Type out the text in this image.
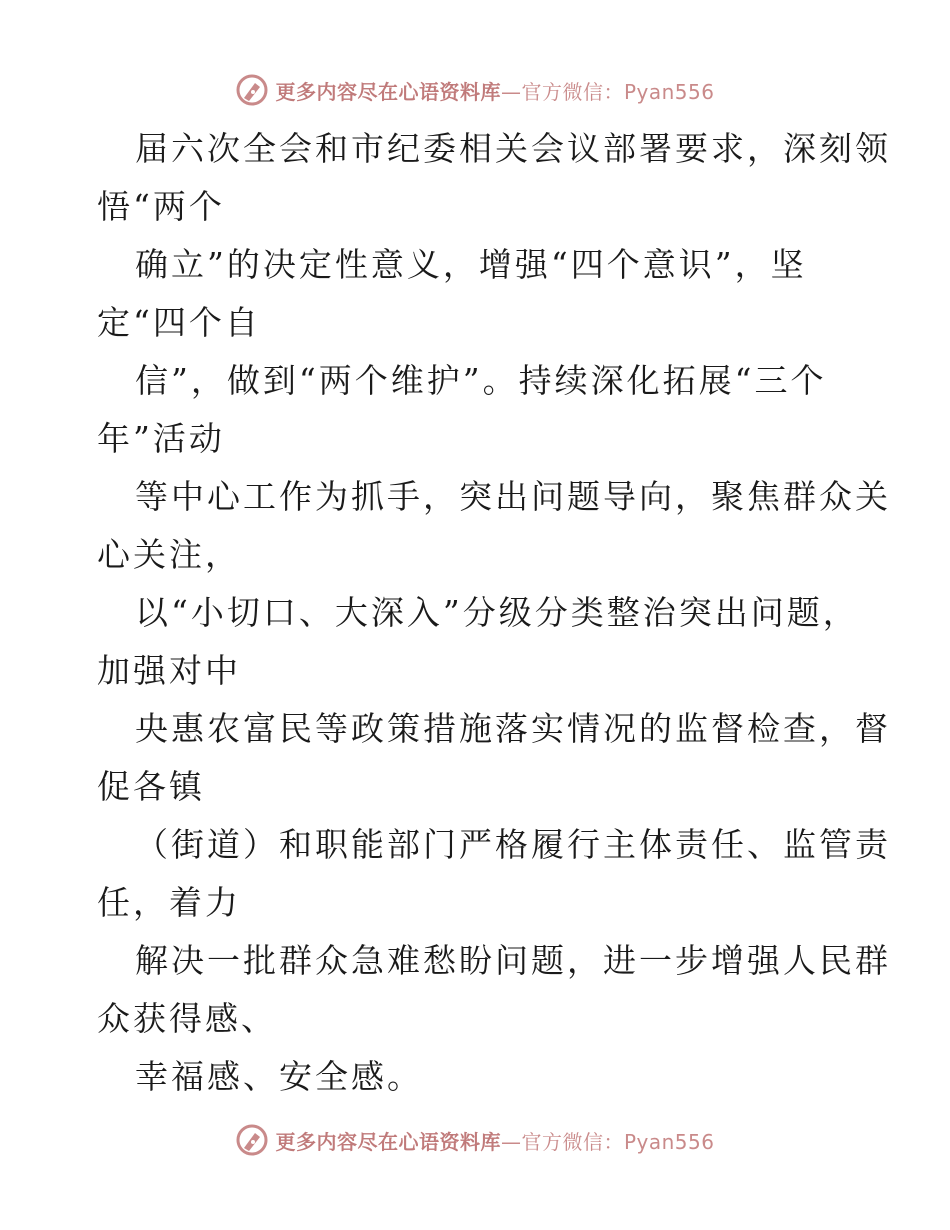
更多内容尽在心语资料库—官方微信：Pyan556
届六次全会和市纪委相关会议部署要求，深刻领
悟“两个
确立”的决定性意义，增强“四个意识”，坚
定“四个自
信”，做到“两个维护”。持续深化拓展“三个
年”活动
等中心工作为抓手，突出问题导向，聚焦群众关
心关注，
以“小切口、大深入”分级分类整治突出问题，
加强对中
央惠农富民等政策措施落实情况的监督检查，督
促各镇
（街道）和职能部门严格履行主体责任、监管责
任，着力
解决一批群众急难愁盼问题，进一步增强人民群
众获得感、
幸福感、安全感。
更多内容尽在心语资料库—官方微信：Pyan556
